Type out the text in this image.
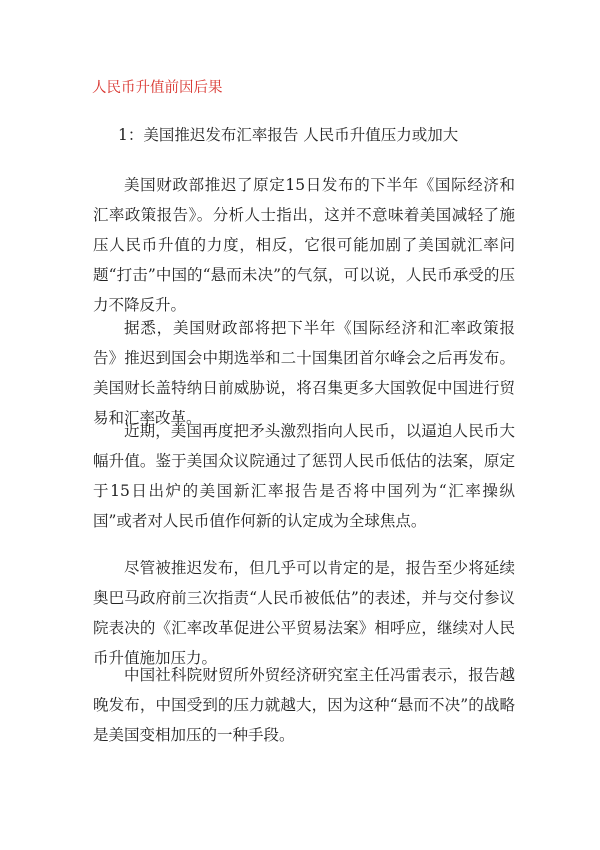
人民币升值前因后果
1：美国推迟发布汇率报告 人民币升值压力或加大

美国财政部推迟了原定15日发布的下半年《国际经济和汇率政策报告》。分析人士指出，这并不意味着美国减轻了施压人民币升值的力度，相反，它很可能加剧了美国就汇率问题“打击”中国的“悬而未决”的气氛，可以说，人民币承受的压力不降反升。

据悉，美国财政部将把下半年《国际经济和汇率政策报告》推迟到国会中期选举和二十国集团首尔峰会之后再发布。美国财长盖特纳日前威胁说，将召集更多大国敦促中国进行贸易和汇率改革。

近期，美国再度把矛头激烈指向人民币，以逼迫人民币大幅升值。鉴于美国众议院通过了惩罚人民币低估的法案，原定于15日出炉的美国新汇率报告是否将中国列为“汇率操纵国”或者对人民币值作何新的认定成为全球焦点。

尽管被推迟发布，但几乎可以肯定的是，报告至少将延续奥巴马政府前三次指责“人民币被低估”的表述，并与交付参议院表决的《汇率改革促进公平贸易法案》相呼应，继续对人民币升值施加压力。

中国社科院财贸所外贸经济研究室主任冯雷表示，报告越晚发布，中国受到的压力就越大，因为这种“悬而不决”的战略是美国变相加压的一种手段。
